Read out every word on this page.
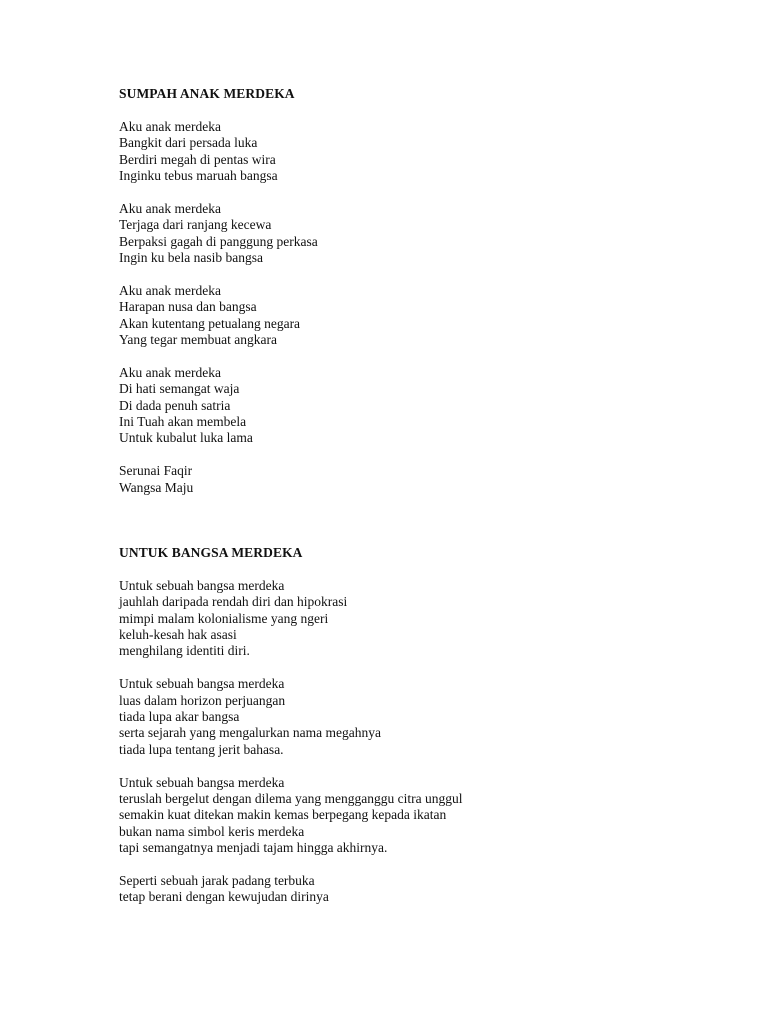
SUMPAH ANAK MERDEKA
Aku anak merdeka
Bangkit dari persada luka
Berdiri megah di pentas wira
Inginku tebus maruah bangsa
Aku anak merdeka
Terjaga dari ranjang kecewa
Berpaksi gagah di panggung perkasa
Ingin ku bela nasib bangsa
Aku anak merdeka
Harapan nusa dan bangsa
Akan kutentang petualang negara
Yang tegar membuat angkara
Aku anak merdeka
Di hati semangat waja
Di dada penuh satria
Ini Tuah akan membela
Untuk kubalut luka lama
Serunai Faqir
Wangsa Maju
UNTUK BANGSA MERDEKA
Untuk sebuah bangsa merdeka
jauhlah daripada rendah diri dan hipokrasi
mimpi malam kolonialisme yang ngeri
keluh-kesah hak asasi
menghilang identiti diri.
Untuk sebuah bangsa merdeka
luas dalam horizon perjuangan
tiada lupa akar bangsa
serta sejarah yang mengalurkan nama megahnya
tiada lupa tentang jerit bahasa.
Untuk sebuah bangsa merdeka
teruslah bergelut dengan dilema yang mengganggu citra unggul
semakin kuat ditekan makin kemas berpegang kepada ikatan
bukan nama simbol keris merdeka
tapi semangatnya menjadi tajam hingga akhirnya.
Seperti sebuah jarak padang terbuka
tetap berani dengan kewujudan dirinya
